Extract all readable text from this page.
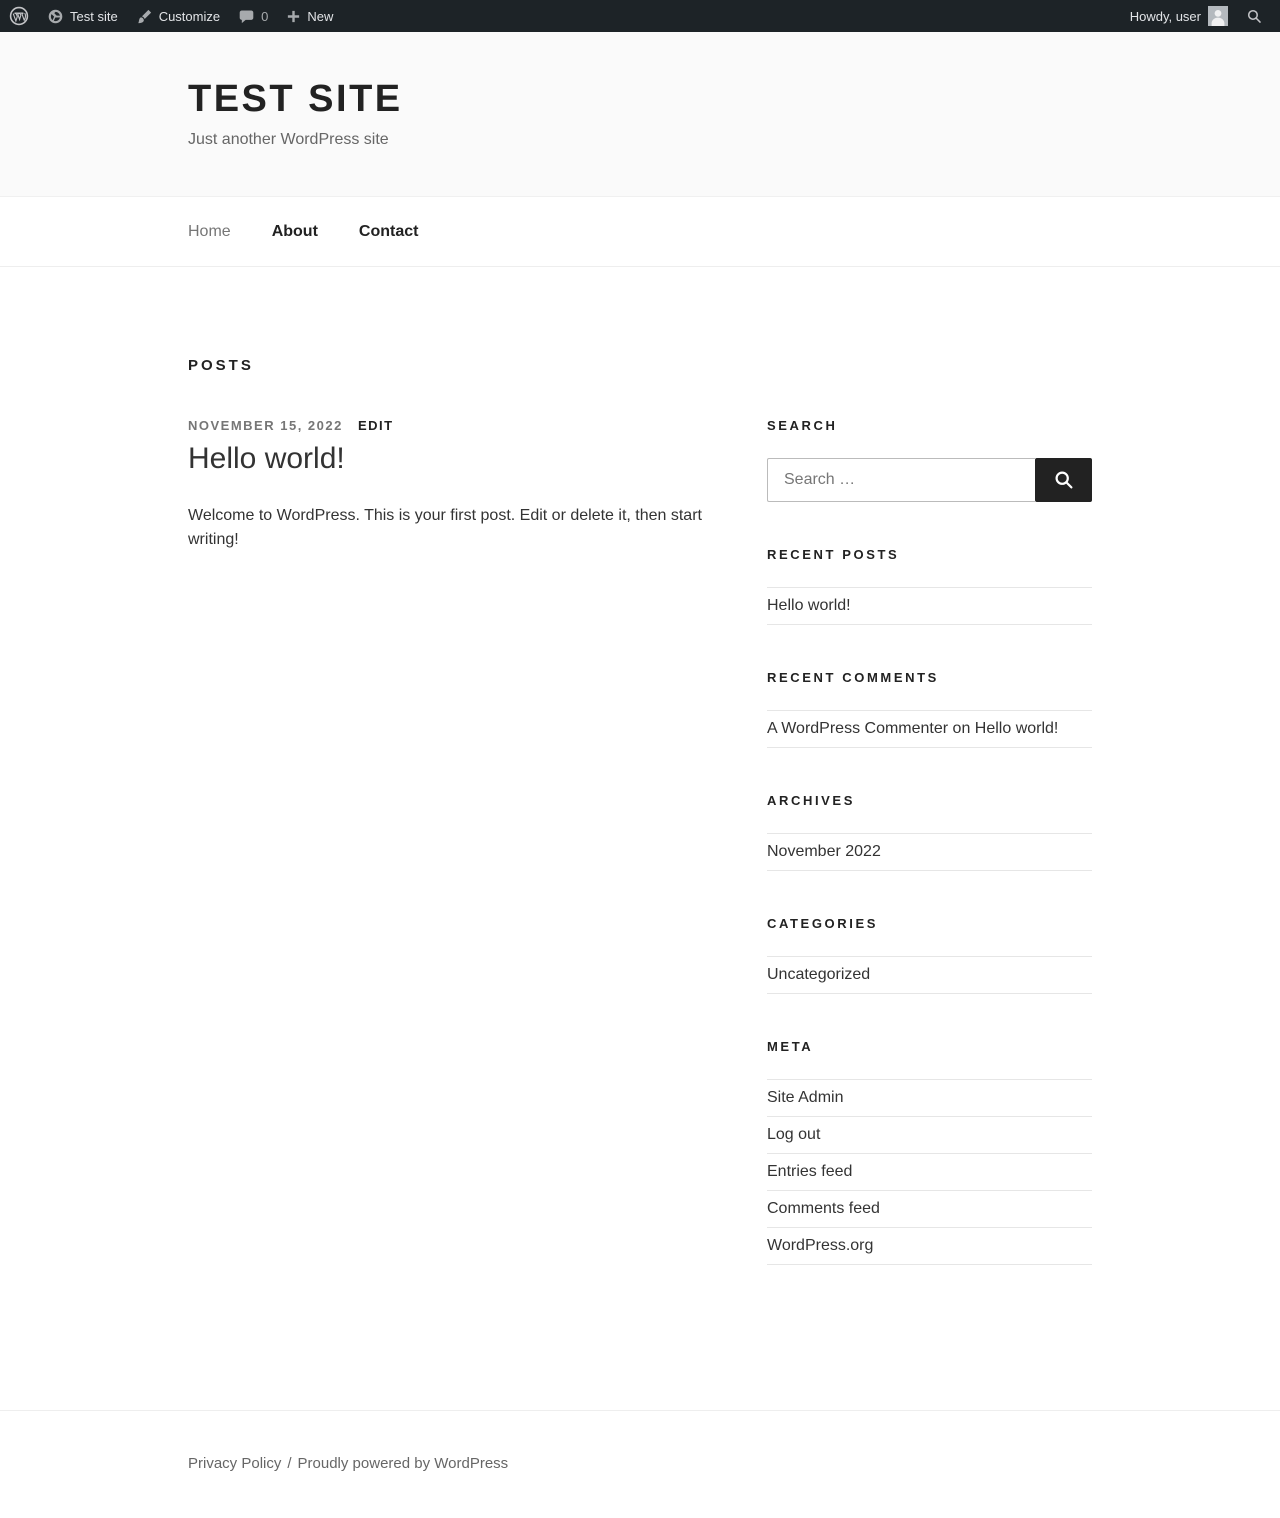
Test site	Customize	0	New	Howdy, user
TEST SITE
Just another WordPress site
Home	About	Contact
POSTS
NOVEMBER 15, 2022 EDIT
Hello world!

Welcome to WordPress. This is your first post. Edit or delete it, then start writing!

SEARCH
Search …
RECENT POSTS
Hello world!
RECENT COMMENTS
A WordPress Commenter on Hello world!
ARCHIVES
November 2022
CATEGORIES
Uncategorized
META
Site Admin
Log out
Entries feed
Comments feed
WordPress.org
Privacy Policy / Proudly powered by WordPress
